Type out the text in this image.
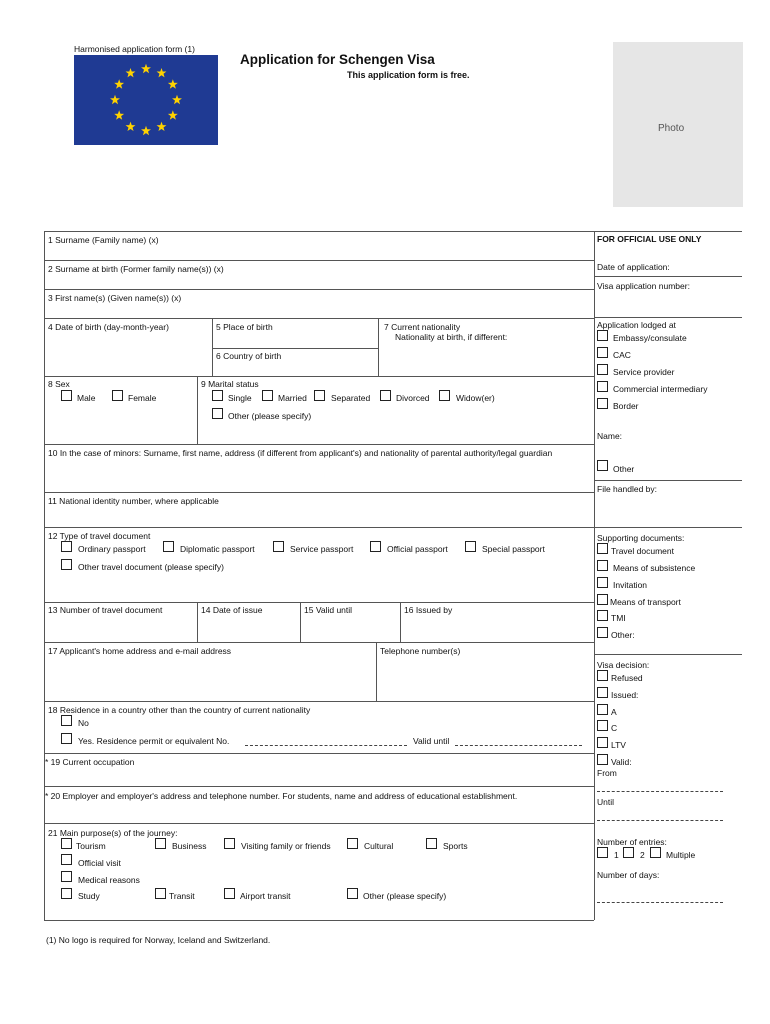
Harmonised application form (1)
Application for Schengen Visa
This application form is free.
Photo
1 Surname (Family name) (x)
2 Surname at birth (Former family name(s)) (x)
3 First name(s) (Given name(s)) (x)
4 Date of birth (day-month-year)	5 Place of birth
6 Country of birth
7 Current nationality
Nationality at birth, if different:
8 Sex
Male	Female
9 Marital status
Single	Married	Separated	Divorced	Widow(er)
Other (please specify)
10 In the case of minors: Surname, first name, address (if different from applicant's) and nationality of parental authority/legal guardian
11 National identity number, where applicable
12 Type of travel document
Ordinary passport	Diplomatic passport	Service passport	Official passport	Special passport
Other travel document (please specify)
13 Number of travel document	14 Date of issue	15 Valid until	16 Issued by
17 Applicant's home address and e-mail address	Telephone number(s)
18 Residence in a country other than the country of current nationality
No
Yes. Residence permit or equivalent No.	Valid until
* 19 Current occupation
* 20 Employer and employer's address and telephone number. For students, name and address of educational establishment.
21 Main purpose(s) of the journey:
Tourism	Business	Visiting family or friends	Cultural	Sports
Official visit
Medical reasons
Study	Transit	Airport transit	Other (please specify)
(1) No logo is required for Norway, Iceland and Switzerland.
FOR OFFICIAL USE ONLY
Date of application:
Visa application number:
Application lodged at
Embassy/consulate
CAC
Service provider
Commercial intermediary
Border
Name:
Other
File handled by:
Supporting documents:
Travel document
Means of subsistence
Invitation
Means of transport
TMI
Other:
Visa decision:
Refused
Issued:
A
C
LTV
Valid:
From
Until
Number of entries:
1	2	Multiple
Number of days:
